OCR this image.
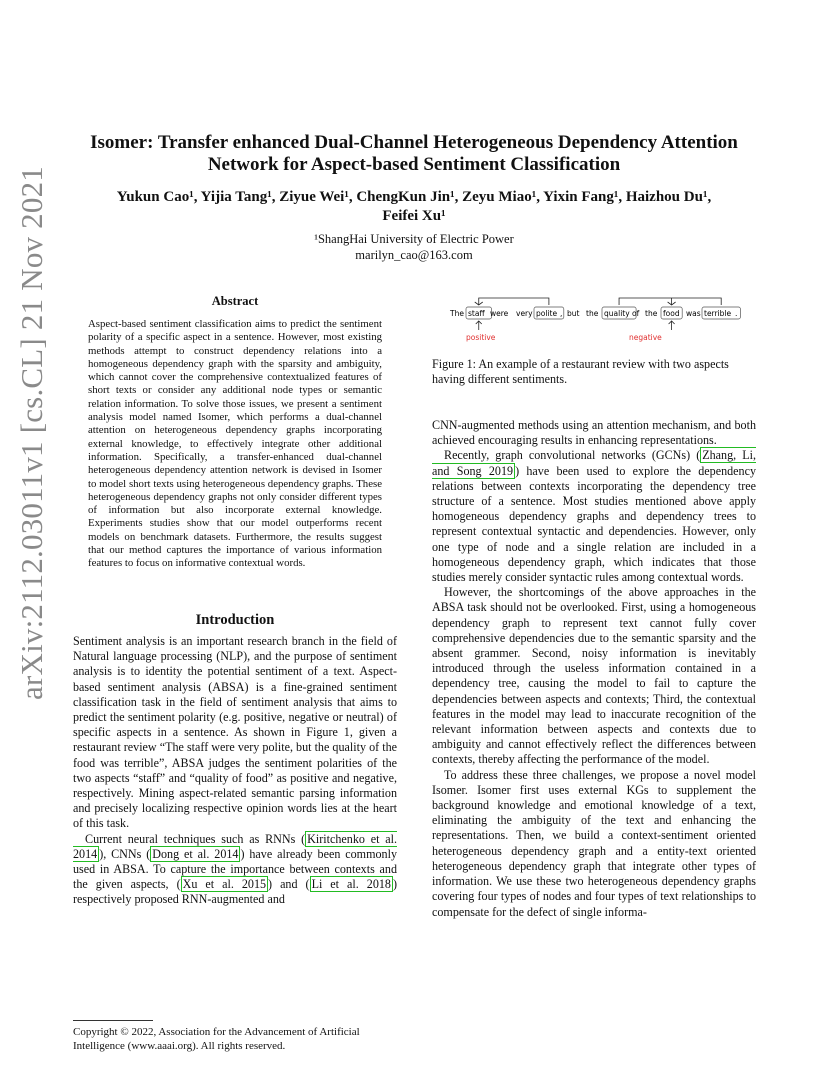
arXiv:2112.03011v1 [cs.CL] 21 Nov 2021
Isomer: Transfer enhanced Dual-Channel Heterogeneous Dependency Attention
Network for Aspect-based Sentiment Classification
Yukun Cao¹, Yijia Tang¹, Ziyue Wei¹, ChengKun Jin¹, Zeyu Miao¹, Yixin Fang¹, Haizhou Du¹,
Feifei Xu¹
¹ShangHai University of Electric Power
marilyn_cao@163.com
Abstract
Aspect-based sentiment classification aims to predict the sentiment polarity of a specific aspect in a sentence. However, most existing methods attempt to construct dependency relations into a homogeneous dependency graph with the sparsity and ambiguity, which cannot cover the comprehensive contextualized features of short texts or consider any additional node types or semantic relation information. To solve those issues, we present a sentiment analysis model named Isomer, which performs a dual-channel attention on heterogeneous dependency graphs incorporating external knowledge, to effectively integrate other additional information. Specifically, a transfer-enhanced dual-channel heterogeneous dependency attention network is devised in Isomer to model short texts using heterogeneous dependency graphs. These heterogeneous dependency graphs not only consider different types of information but also incorporate external knowledge. Experiments studies show that our model outperforms recent models on benchmark datasets. Furthermore, the results suggest that our method captures the importance of various information features to focus on informative contextual words.
Introduction

Sentiment analysis is an important research branch in the field of Natural language processing (NLP), and the purpose of sentiment analysis is to identity the potential sentiment of a text. Aspect-based sentiment analysis (ABSA) is a fine-grained sentiment classification task in the field of sentiment analysis that aims to predict the sentiment polarity (e.g. positive, negative or neutral) of specific aspects in a sentence. As shown in Figure 1, given a restaurant review “The staff were very polite, but the quality of the food was terrible”, ABSA judges the sentiment polarities of the two aspects “staff” and “quality of food” as positive and negative, respectively. Mining aspect-related semantic parsing information and precisely localizing respective opinion words lies at the heart of this task.

Current neural techniques such as RNNs ( Kiritchenko et al. 2014 ), CNNs ( Dong et al. 2014 ) have already been commonly used in ABSA. To capture the importance between contexts and the given aspects, ( Xu et al. 2015 ) and ( Li et al. 2018 ) respectively proposed RNN-augmented and

Copyright © 2022, Association for the Advancement of Artificial Intelligence (www.aaai.org). All rights reserved.
The staff were very polite , but the quality of the food was terrible .
positive	negative
Figure 1: An example of a restaurant review with two aspects having different sentiments.

CNN-augmented methods using an attention mechanism, and both achieved encouraging results in enhancing representations.

Recently, graph convolutional networks (GCNs) ( Zhang, Li, and Song 2019 ) have been used to explore the dependency relations between contexts incorporating the dependency tree structure of a sentence. Most studies mentioned above apply homogeneous dependency graphs and dependency trees to represent contextual syntactic and dependencies. However, only one type of node and a single relation are included in a homogeneous dependency graph, which indicates that those studies merely consider syntactic rules among contextual words.

However, the shortcomings of the above approaches in the ABSA task should not be overlooked. First, using a homogeneous dependency graph to represent text cannot fully cover comprehensive dependencies due to the semantic sparsity and the absent grammer. Second, noisy information is inevitably introduced through the useless information contained in a dependency tree, causing the model to fail to capture the dependencies between aspects and contexts; Third, the contextual features in the model may lead to inaccurate recognition of the relevant information between aspects and contexts due to ambiguity and cannot effectively reflect the differences between contexts, thereby affecting the performance of the model.

To address these three challenges, we propose a novel model Isomer. Isomer first uses external KGs to supplement the background knowledge and emotional knowledge of a text, eliminating the ambiguity of the text and enhancing the representations. Then, we build a context-sentiment oriented heterogeneous dependency graph and a entity-text oriented heterogeneous dependency graph that integrate other types of information. We use these two heterogeneous dependency graphs covering four types of nodes and four types of text relationships to compensate for the defect of single informa-
